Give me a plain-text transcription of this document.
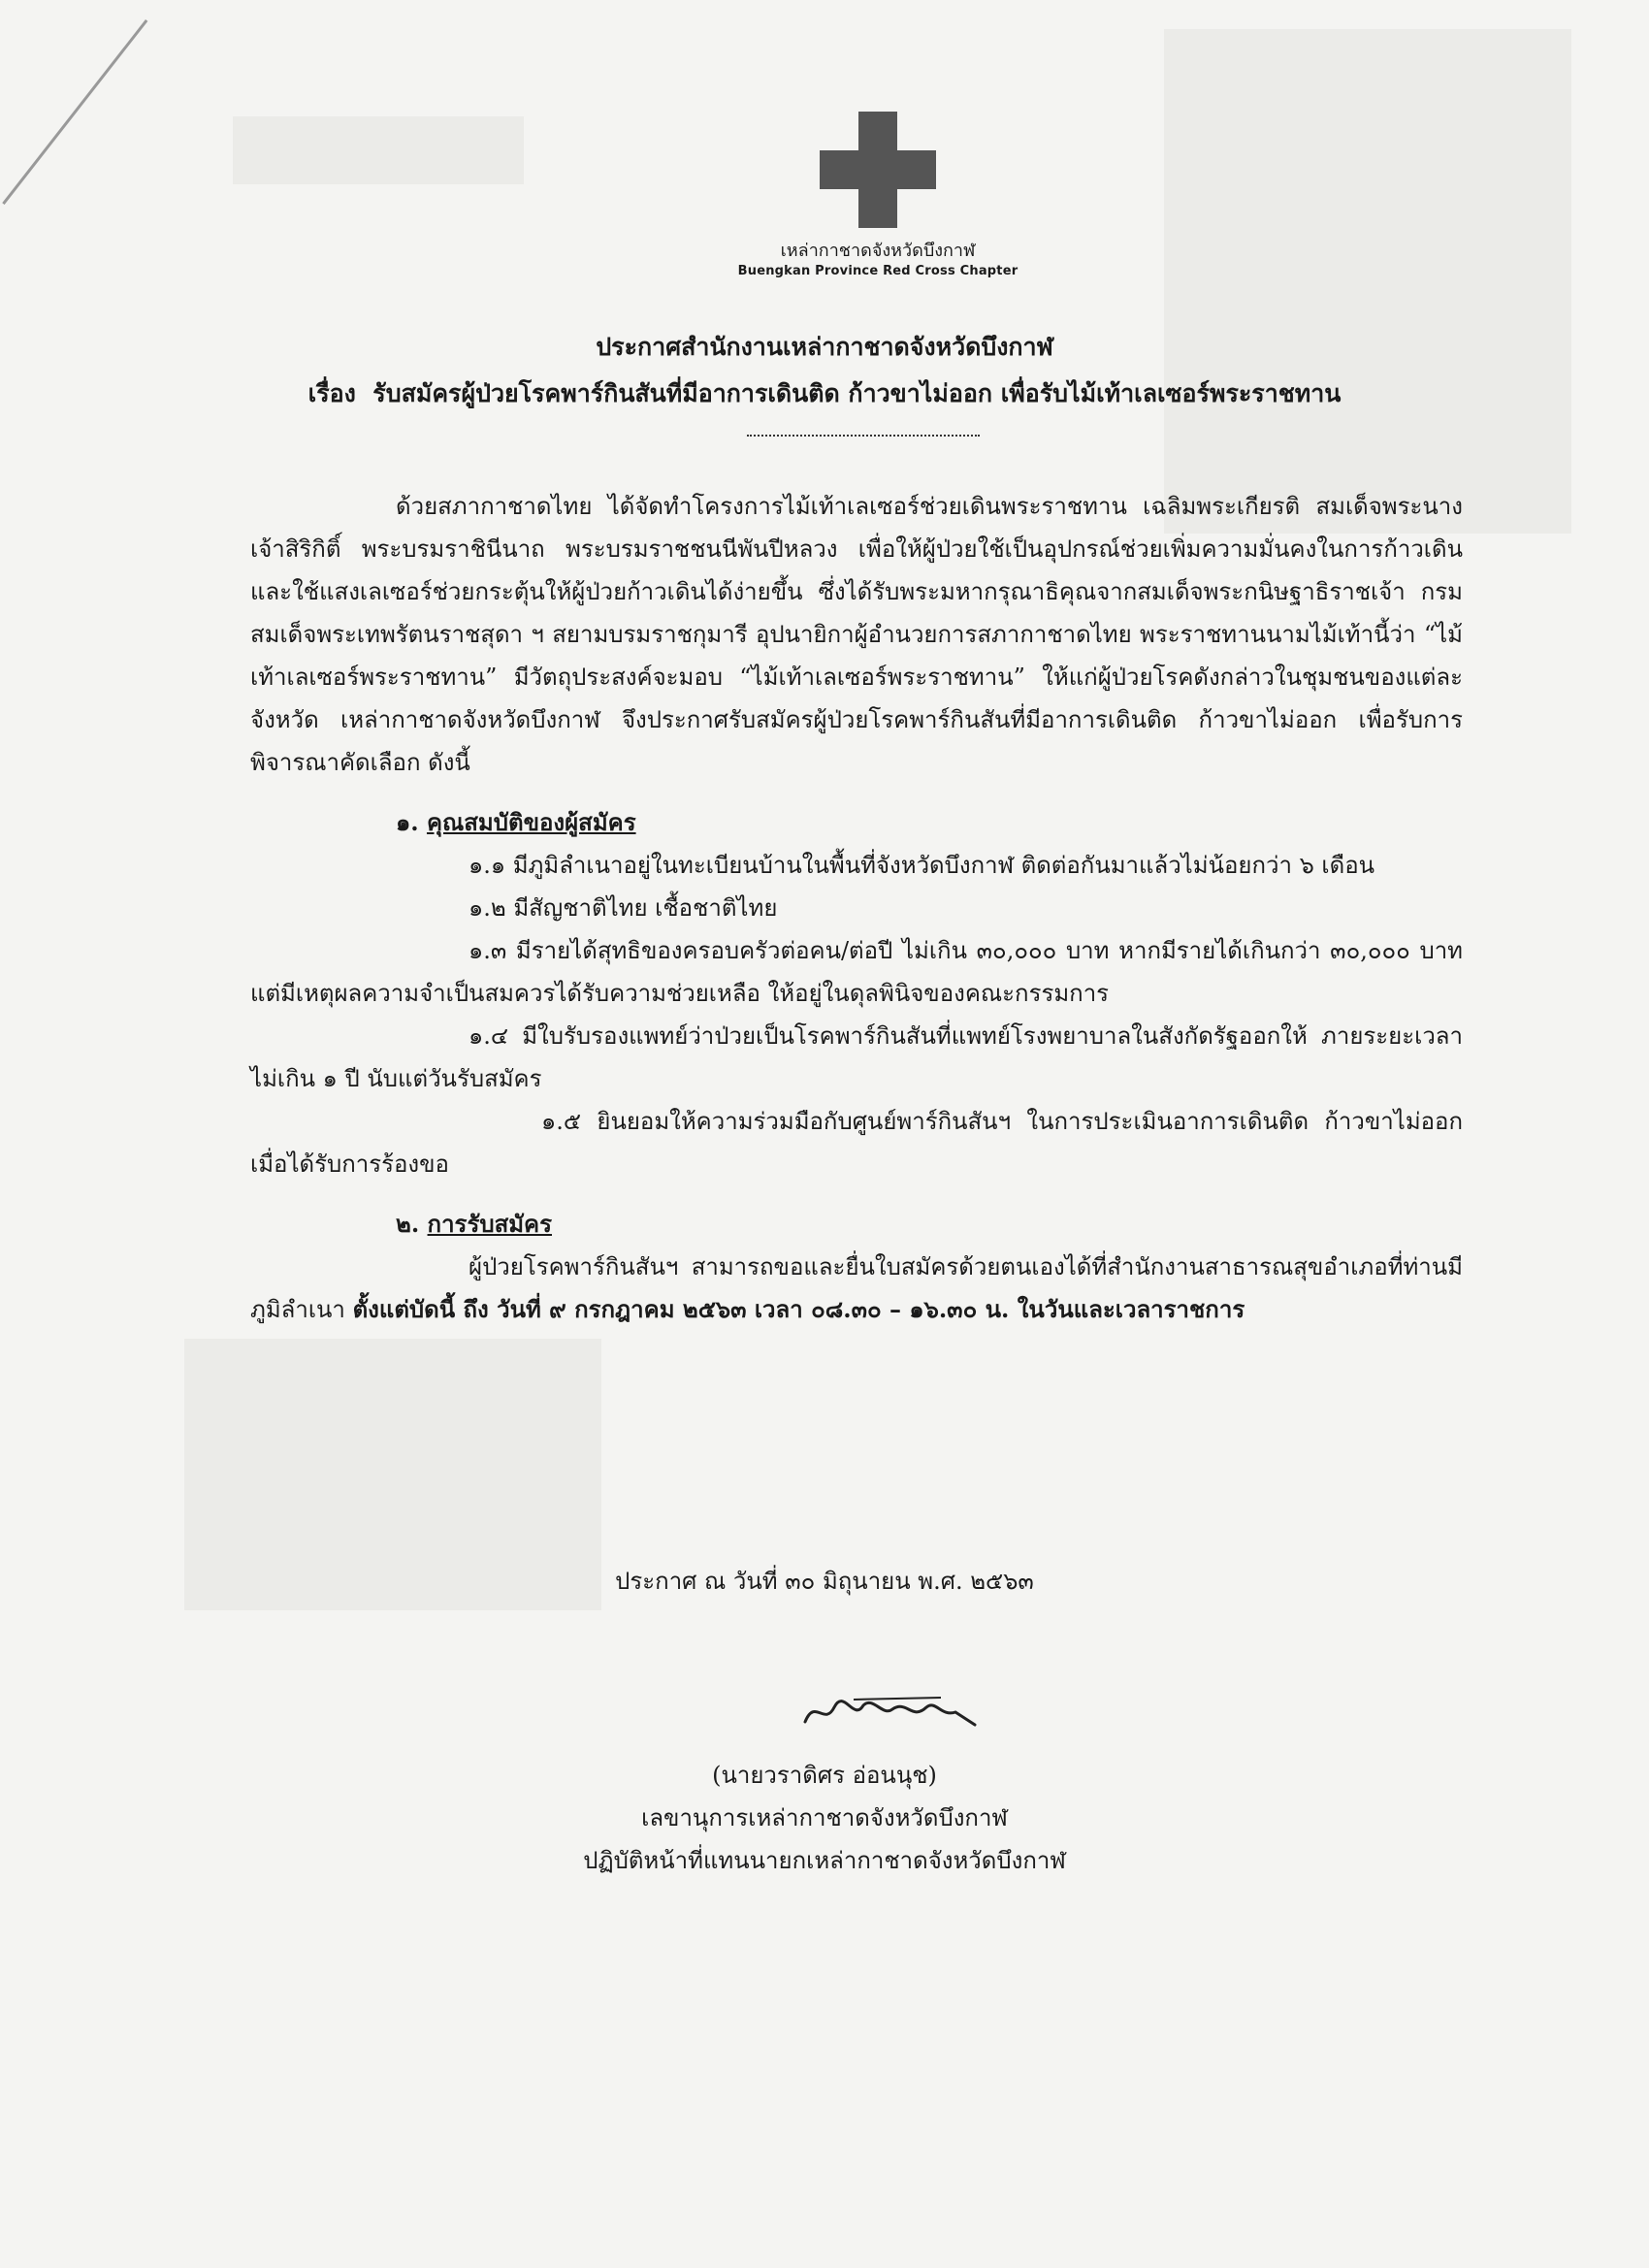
เหล่ากาชาดจังหวัดบึงกาฬ
Buengkan Province Red Cross Chapter
ประกาศสำนักงานเหล่ากาชาดจังหวัดบึงกาฬ
เรื่อง รับสมัครผู้ป่วยโรคพาร์กินสันที่มีอาการเดินติด ก้าวขาไม่ออก เพื่อรับไม้เท้าเลเซอร์พระราชทาน

ด้วยสภากาชาดไทย ได้จัดทำโครงการไม้เท้าเลเซอร์ช่วยเดินพระราชทาน เฉลิมพระเกียรติ สมเด็จพระนางเจ้าสิริกิติ์ พระบรมราชินีนาถ พระบรมราชชนนีพันปีหลวง เพื่อให้ผู้ป่วยใช้เป็นอุปกรณ์ช่วยเพิ่มความมั่นคงในการก้าวเดิน และใช้แสงเลเซอร์ช่วยกระตุ้นให้ผู้ป่วยก้าวเดินได้ง่ายขึ้น ซึ่งได้รับพระมหากรุณาธิคุณจากสมเด็จพระกนิษฐาธิราชเจ้า กรมสมเด็จพระเทพรัตนราชสุดา ฯ สยามบรมราชกุมารี อุปนายิกาผู้อำนวยการสภากาชาดไทย พระราชทานนามไม้เท้านี้ว่า “ไม้เท้าเลเซอร์พระราชทาน” มีวัตถุประสงค์จะมอบ “ไม้เท้าเลเซอร์พระราชทาน” ให้แก่ผู้ป่วยโรคดังกล่าวในชุมชนของแต่ละจังหวัด เหล่ากาชาดจังหวัดบึงกาฬ จึงประกาศรับสมัครผู้ป่วยโรคพาร์กินสันที่มีอาการเดินติด ก้าวขาไม่ออก เพื่อรับการพิจารณาคัดเลือก ดังนี้

๑. คุณสมบัติของผู้สมัคร

๑.๑ มีภูมิลำเนาอยู่ในทะเบียนบ้านในพื้นที่จังหวัดบึงกาฬ ติดต่อกันมาแล้วไม่น้อยกว่า ๖ เดือน

๑.๒ มีสัญชาติไทย เชื้อชาติไทย

๑.๓ มีรายได้สุทธิของครอบครัวต่อคน/ต่อปี ไม่เกิน ๓๐,๐๐๐ บาท หากมีรายได้เกินกว่า ๓๐,๐๐๐ บาท แต่มีเหตุผลความจำเป็นสมควรได้รับความช่วยเหลือ ให้อยู่ในดุลพินิจของคณะกรรมการ

๑.๔ มีใบรับรองแพทย์ว่าป่วยเป็นโรคพาร์กินสันที่แพทย์โรงพยาบาลในสังกัดรัฐออกให้ ภายระยะเวลาไม่เกิน ๑ ปี นับแต่วันรับสมัคร

๑.๕ ยินยอมให้ความร่วมมือกับศูนย์พาร์กินสันฯ ในการประเมินอาการเดินติด ก้าวขาไม่ออก เมื่อได้รับการร้องขอ

๒. การรับสมัคร

ผู้ป่วยโรคพาร์กินสันฯ สามารถขอและยื่นใบสมัครด้วยตนเองได้ที่สำนักงานสาธารณสุขอำเภอที่ท่านมีภูมิลำเนา ตั้งแต่บัดนี้ ถึง วันที่ ๙ กรกฎาคม ๒๕๖๓ เวลา ๐๘.๓๐ – ๑๖.๓๐ น. ในวันและเวลาราชการ

ประกาศ ณ วันที่ ๓๐ มิถุนายน พ.ศ. ๒๕๖๓
(นายวราดิศร อ่อนนุช)
เลขานุการเหล่ากาชาดจังหวัดบึงกาฬ
ปฏิบัติหน้าที่แทนนายกเหล่ากาชาดจังหวัดบึงกาฬ
